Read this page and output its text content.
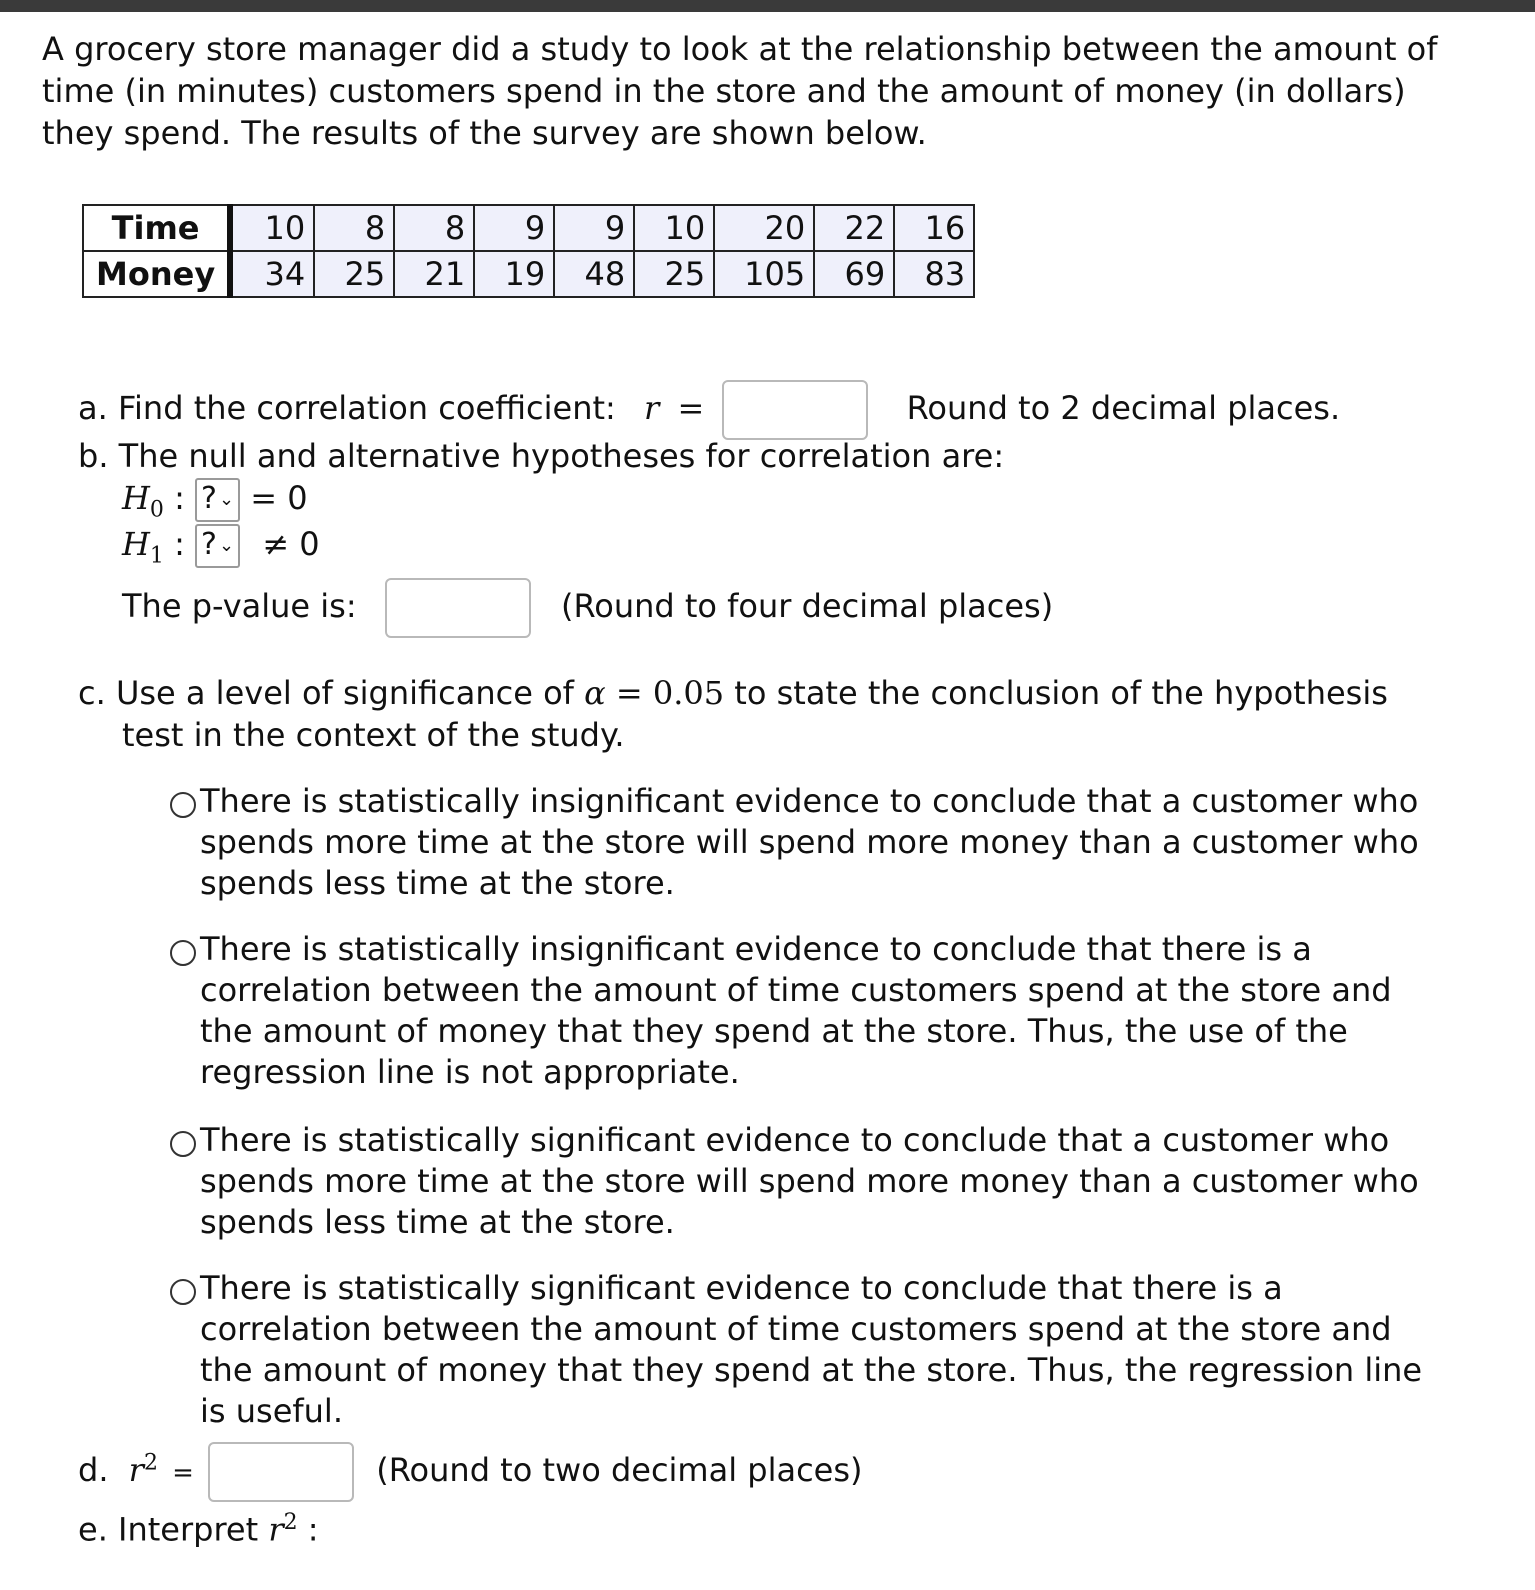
A grocery store manager did a study to look at the relationship between the amount of time (in minutes) customers spend in the store and the amount of money (in dollars) they spend. The results of the survey are shown below.

Time	10	8	8	9	9	10	20	22	16
Money	34	25	21	19	48	25	105	69	83
a. Find the correlation coefficient: r =	Round to 2 decimal places.
b. The null and alternative hypotheses for correlation are:
$H_0$ : ? ⌄ = 0
$H_1$ : ? ⌄ ≠ 0
The p-value is:	(Round to four decimal places)
c. Use a level of significance of α = 0.05 to state the conclusion of the hypothesis
test in the context of the study.
There is statistically insignificant evidence to conclude that a customer who spends more time at the store will spend more money than a customer who spends less time at the store.
There is statistically insignificant evidence to conclude that there is a correlation between the amount of time customers spend at the store and the amount of money that they spend at the store. Thus, the use of the regression line is not appropriate.
There is statistically significant evidence to conclude that a customer who spends more time at the store will spend more money than a customer who spends less time at the store.
There is statistically significant evidence to conclude that there is a correlation between the amount of time customers spend at the store and the amount of money that they spend at the store. Thus, the regression line is useful.
d. $r^2$ =	(Round to two decimal places)
e. Interpret $r^2$ :
